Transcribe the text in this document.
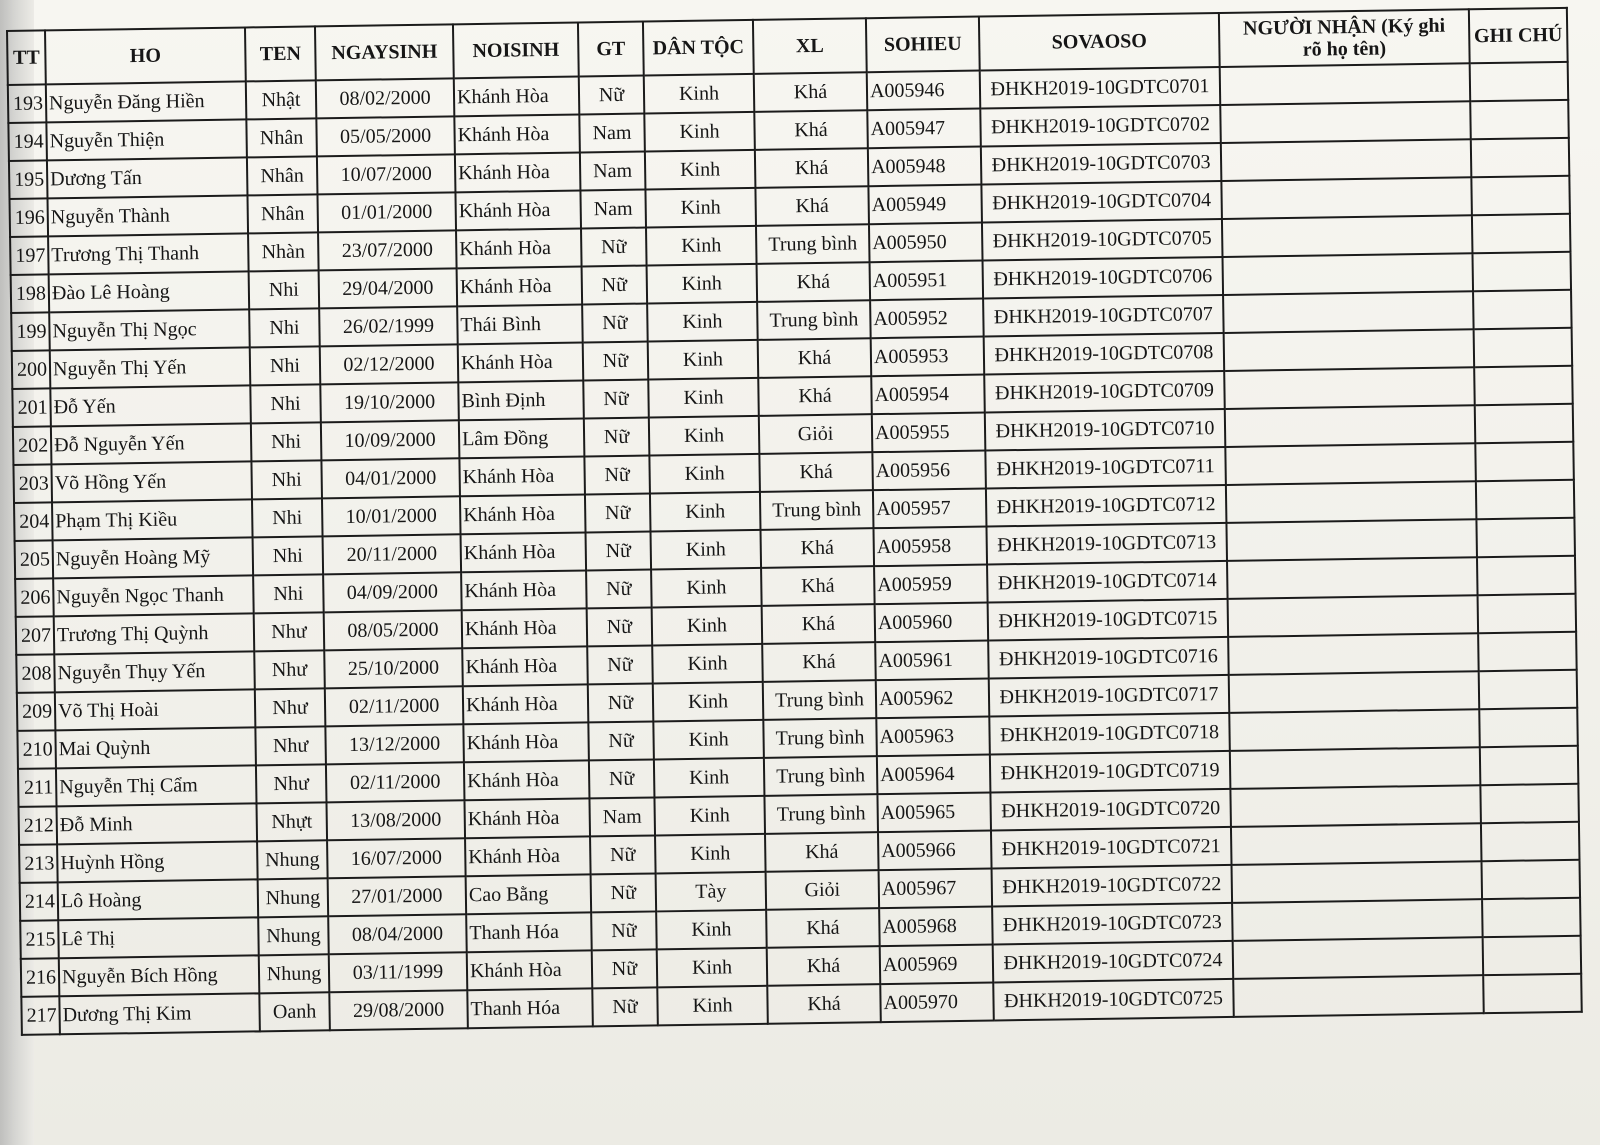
TT	HO	TEN	NGAYSINH	NOISINH	GT	DÂN TỘC	XL	SOHIEU	SOVAOSO	NGƯỜI NHẬN (Ký ghi
rõ họ tên)	GHI CHÚ
193	Nguyễn Đăng Hiền	Nhật	08/02/2000	Khánh Hòa	Nữ	Kinh	Khá	A005946	ĐHKH2019-10GDTC0701		
194	Nguyễn Thiện	Nhân	05/05/2000	Khánh Hòa	Nam	Kinh	Khá	A005947	ĐHKH2019-10GDTC0702		
195	Dương Tấn	Nhân	10/07/2000	Khánh Hòa	Nam	Kinh	Khá	A005948	ĐHKH2019-10GDTC0703		
196	Nguyễn Thành	Nhân	01/01/2000	Khánh Hòa	Nam	Kinh	Khá	A005949	ĐHKH2019-10GDTC0704		
197	Trương Thị Thanh	Nhàn	23/07/2000	Khánh Hòa	Nữ	Kinh	Trung bình	A005950	ĐHKH2019-10GDTC0705		
198	Đào Lê Hoàng	Nhi	29/04/2000	Khánh Hòa	Nữ	Kinh	Khá	A005951	ĐHKH2019-10GDTC0706		
199	Nguyễn Thị Ngọc	Nhi	26/02/1999	Thái Bình	Nữ	Kinh	Trung bình	A005952	ĐHKH2019-10GDTC0707		
200	Nguyễn Thị Yến	Nhi	02/12/2000	Khánh Hòa	Nữ	Kinh	Khá	A005953	ĐHKH2019-10GDTC0708		
201	Đỗ Yến	Nhi	19/10/2000	Bình Định	Nữ	Kinh	Khá	A005954	ĐHKH2019-10GDTC0709		
202	Đỗ Nguyễn Yến	Nhi	10/09/2000	Lâm Đồng	Nữ	Kinh	Giỏi	A005955	ĐHKH2019-10GDTC0710		
203	Võ Hồng Yến	Nhi	04/01/2000	Khánh Hòa	Nữ	Kinh	Khá	A005956	ĐHKH2019-10GDTC0711		
204	Phạm Thị Kiều	Nhi	10/01/2000	Khánh Hòa	Nữ	Kinh	Trung bình	A005957	ĐHKH2019-10GDTC0712		
205	Nguyễn Hoàng Mỹ	Nhi	20/11/2000	Khánh Hòa	Nữ	Kinh	Khá	A005958	ĐHKH2019-10GDTC0713		
206	Nguyễn Ngọc Thanh	Nhi	04/09/2000	Khánh Hòa	Nữ	Kinh	Khá	A005959	ĐHKH2019-10GDTC0714		
207	Trương Thị Quỳnh	Như	08/05/2000	Khánh Hòa	Nữ	Kinh	Khá	A005960	ĐHKH2019-10GDTC0715		
208	Nguyễn Thụy Yến	Như	25/10/2000	Khánh Hòa	Nữ	Kinh	Khá	A005961	ĐHKH2019-10GDTC0716		
209	Võ Thị Hoài	Như	02/11/2000	Khánh Hòa	Nữ	Kinh	Trung bình	A005962	ĐHKH2019-10GDTC0717		
210	Mai Quỳnh	Như	13/12/2000	Khánh Hòa	Nữ	Kinh	Trung bình	A005963	ĐHKH2019-10GDTC0718		
211	Nguyễn Thị Cẩm	Như	02/11/2000	Khánh Hòa	Nữ	Kinh	Trung bình	A005964	ĐHKH2019-10GDTC0719		
212	Đỗ Minh	Nhựt	13/08/2000	Khánh Hòa	Nam	Kinh	Trung bình	A005965	ĐHKH2019-10GDTC0720		
213	Huỳnh Hồng	Nhung	16/07/2000	Khánh Hòa	Nữ	Kinh	Khá	A005966	ĐHKH2019-10GDTC0721		
214	Lô Hoàng	Nhung	27/01/2000	Cao Bằng	Nữ	Tày	Giỏi	A005967	ĐHKH2019-10GDTC0722		
215	Lê Thị	Nhung	08/04/2000	Thanh Hóa	Nữ	Kinh	Khá	A005968	ĐHKH2019-10GDTC0723		
216	Nguyễn Bích Hồng	Nhung	03/11/1999	Khánh Hòa	Nữ	Kinh	Khá	A005969	ĐHKH2019-10GDTC0724		
217	Dương Thị Kim	Oanh	29/08/2000	Thanh Hóa	Nữ	Kinh	Khá	A005970	ĐHKH2019-10GDTC0725		
